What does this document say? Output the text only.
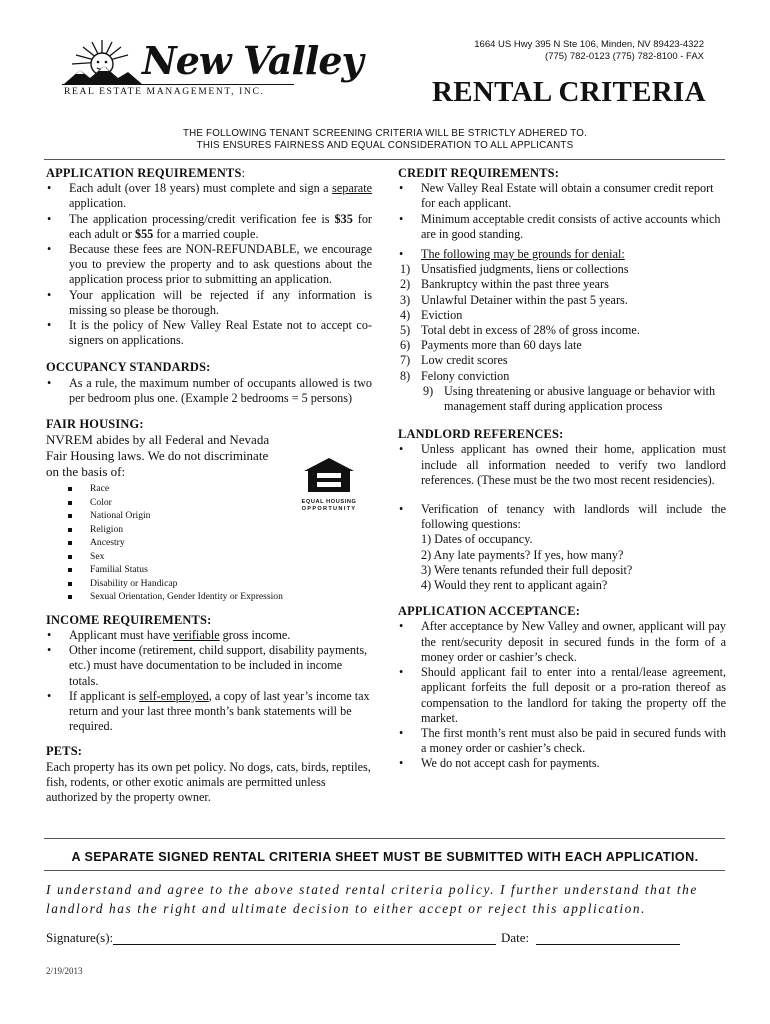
New Valley
REAL ESTATE MANAGEMENT, INC.
1664 US Hwy 395 N Ste 106, Minden, NV 89423-4322
(775) 782-0123 (775) 782-8100 - FAX
RENTAL CRITERIA
THE FOLLOWING TENANT SCREENING CRITERIA WILL BE STRICTLY ADHERED TO.
THIS ENSURES FAIRNESS AND EQUAL CONSIDERATION TO ALL APPLICANTS
APPLICATION REQUIREMENTS:
• Each adult (over 18 years) must complete and sign a separate application.
• The application processing/credit verification fee is $35 for each adult or $55 for a married couple.
• Because these fees are NON-REFUNDABLE, we encourage you to preview the property and to ask questions about the application process prior to submitting an application.
• Your application will be rejected if any information is missing so please be thorough.
• It is the policy of New Valley Real Estate not to accept co-signers on applications.
OCCUPANCY STANDARDS:
• As a rule, the maximum number of occupants allowed is two per bedroom plus one. (Example 2 bedrooms = 5 persons)
FAIR HOUSING:
NVREM abides by all Federal and Nevada
Fair Housing laws. We do not discriminate
on the basis of:
Race
Color
National Origin
Religion
Ancestry
Sex
Familial Status
Disability or Handicap
Sexual Orientation, Gender Identity or Expression
INCOME REQUIREMENTS:
• Applicant must have verifiable gross income.
• Other income (retirement, child support, disability payments, etc.) must have documentation to be included in income totals.
• If applicant is self-employed, a copy of last year’s income tax return and your last three month’s bank statements will be required.
PETS:
Each property has its own pet policy. No dogs, cats, birds, reptiles, fish, rodents, or other exotic animals are permitted unless authorized by the property owner.
EQUAL HOUSING
OPPORTUNITY
CREDIT REQUIREMENTS:
• New Valley Real Estate will obtain a consumer credit report for each applicant.
• Minimum acceptable credit consists of active accounts which are in good standing.
• The following may be grounds for denial:
1) Unsatisfied judgments, liens or collections
2) Bankruptcy within the past three years
3) Unlawful Detainer within the past 5 years.
4) Eviction
5) Total debt in excess of 28% of gross income.
6) Payments more than 60 days late
7) Low credit scores
8) Felony conviction
9) Using threatening or abusive language or behavior with management staff during application process
LANDLORD REFERENCES:
• Unless applicant has owned their home, application must include all information needed to verify two landlord references. (These must be the two most recent residencies).
• Verification of tenancy with landlords will include the following questions:
1) Dates of occupancy.
2) Any late payments? If yes, how many?
3) Were tenants refunded their full deposit?
4) Would they rent to applicant again?
APPLICATION ACCEPTANCE:
• After acceptance by New Valley and owner, applicant will pay the rent/security deposit in secured funds in the form of a money order or cashier’s check.
• Should applicant fail to enter into a rental/lease agreement, applicant forfeits the full deposit or a pro-ration thereof as compensation to the landlord for taking the property off the market.
• The first month’s rent must also be paid in secured funds with a money order or cashier’s check.
• We do not accept cash for payments.
A SEPARATE SIGNED RENTAL CRITERIA SHEET MUST BE SUBMITTED WITH EACH APPLICATION.
I understand and agree to the above stated rental criteria policy. I further understand that the landlord has the right and ultimate decision to either accept or reject this application.
Signature(s):	Date:
2/19/2013
